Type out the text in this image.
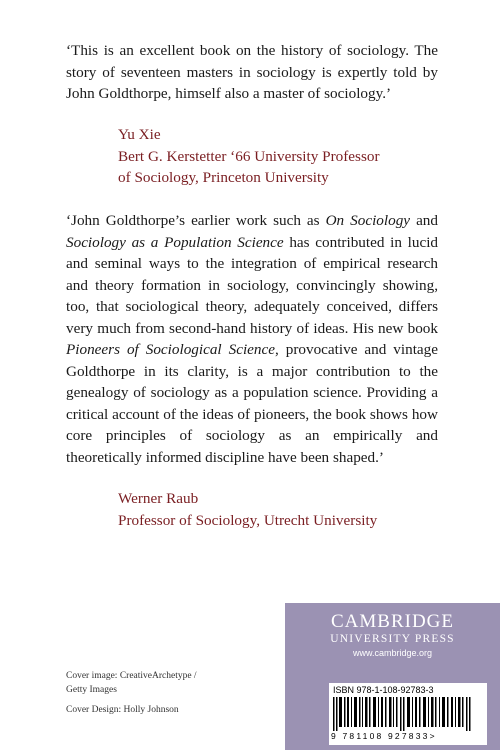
‘This is an excellent book on the history of sociology. The story of seventeen masters in sociology is expertly told by John Goldthorpe, himself also a master of sociology.’
Yu Xie
Bert G. Kerstetter ‘66 University Professor
of Sociology, Princeton University
‘John Goldthorpe’s earlier work such as On Sociology and Sociology as a Population Science has contributed in lucid and seminal ways to the integration of empirical research and theory formation in sociology, convincingly showing, too, that sociological theory, adequately conceived, differs very much from second-hand history of ideas. His new book Pioneers of Sociological Science, provocative and vintage Goldthorpe in its clarity, is a major contribution to the genealogy of sociology as a population science. Providing a critical account of the ideas of pioneers, the book shows how core principles of sociology as an empirically and theoretically informed discipline have been shaped.’
Werner Raub
Professor of Sociology, Utrecht University

Cover image: CreativeArchetype /
Getty Images

Cover Design: Holly Johnson

CAMBRIDGE
UNIVERSITY PRESS
www.cambridge.org
ISBN 978-1-108-92783-3
9 781108 927833>
